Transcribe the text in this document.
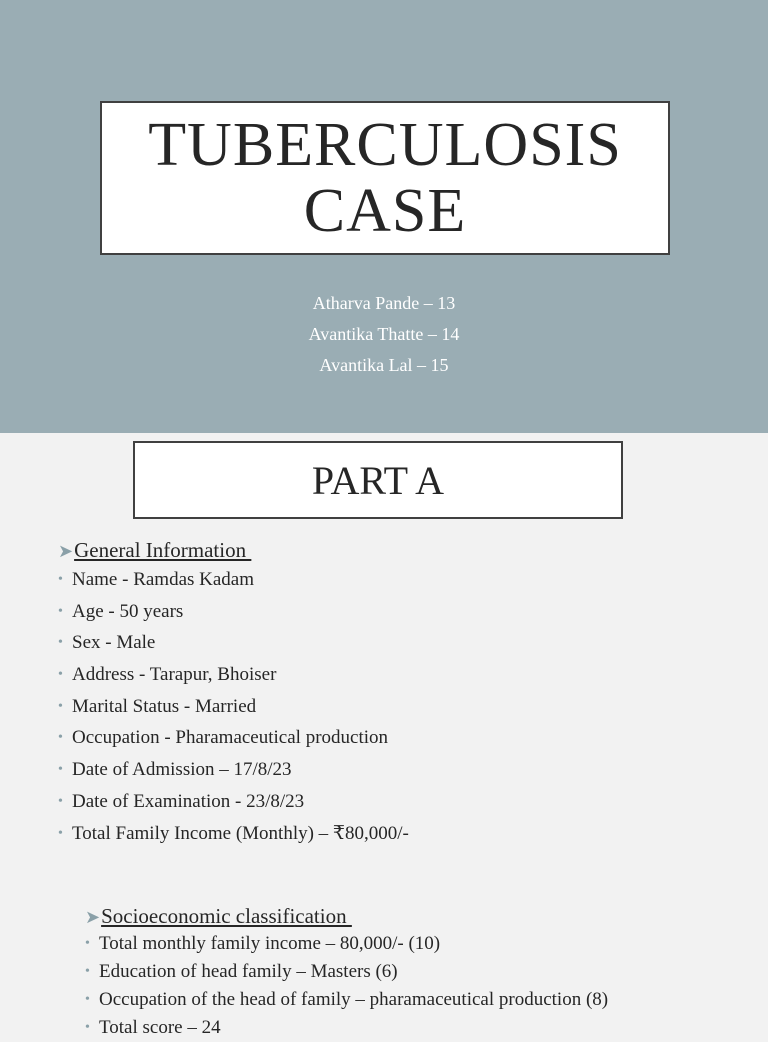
TUBERCULOSIS
CASE
Atharva Pande – 13
Avantika Thatte – 14
Avantika Lal – 15
PART A
➤General Information
• Name - Ramdas Kadam
• Age - 50 years
• Sex - Male
• Address - Tarapur, Bhoiser
• Marital Status - Married
• Occupation - Pharamaceutical production
• Date of Admission – 17/8/23
• Date of Examination - 23/8/23
• Total Family Income (Monthly) – ₹80,000/-
➤Socioeconomic classification
• Total monthly family income – 80,000/- (10)
• Education of head family – Masters (6)
• Occupation of the head of family – pharamaceutical production (8)
• Total score – 24
